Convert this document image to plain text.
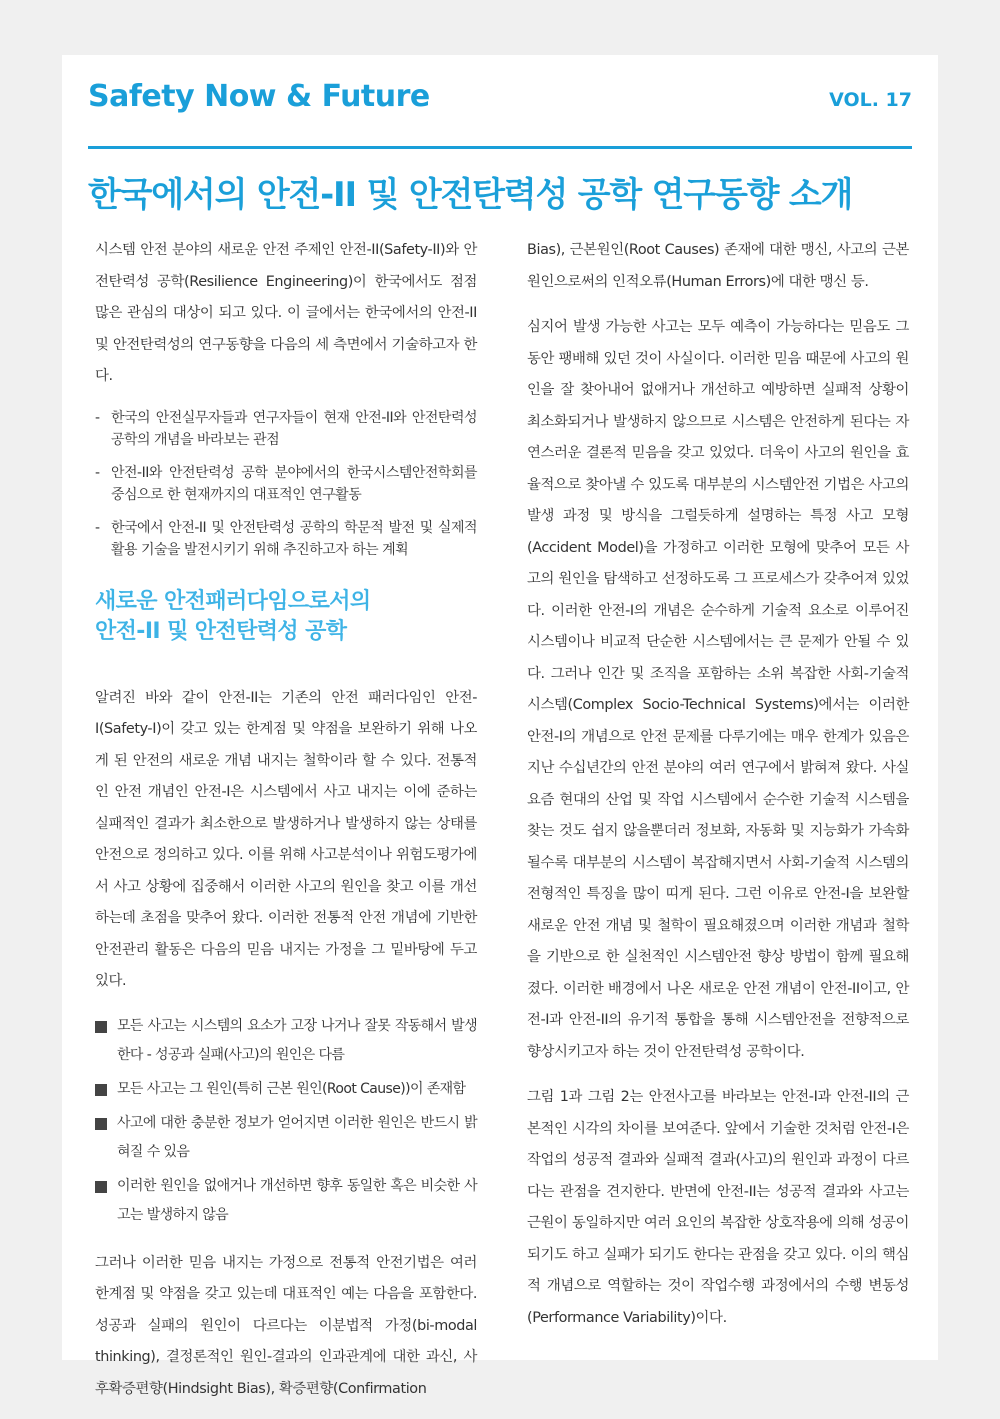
Safety Now & Future	VOL. 17
한국에서의 안전-II 및 안전탄력성 공학 연구동향 소개

시스템 안전 분야의 새로운 안전 주제인 안전-II(Safety-II)와 안전탄력성 공학(Resilience Engineering)이 한국에서도 점점 많은 관심의 대상이 되고 있다. 이 글에서는 한국에서의 안전-II 및 안전탄력성의 연구동향을 다음의 세 측면에서 기술하고자 한다.

- 한국의 안전실무자들과 연구자들이 현재 안전-II와 안전탄력성 공학의 개념을 바라보는 관점
- 안전-II와 안전탄력성 공학 분야에서의 한국시스템안전학회를 중심으로 한 현재까지의 대표적인 연구활동
- 한국에서 안전-II 및 안전탄력성 공학의 학문적 발전 및 실제적 활용 기술을 발전시키기 위해 추진하고자 하는 계획
새로운 안전패러다임으로서의
안전-II 및 안전탄력성 공학

알려진 바와 같이 안전-II는 기존의 안전 패러다임인 안전-I(Safety-I)이 갖고 있는 한계점 및 약점을 보완하기 위해 나오게 된 안전의 새로운 개념 내지는 철학이라 할 수 있다. 전통적인 안전 개념인 안전-I은 시스템에서 사고 내지는 이에 준하는 실패적인 결과가 최소한으로 발생하거나 발생하지 않는 상태를 안전으로 정의하고 있다. 이를 위해 사고분석이나 위험도평가에서 사고 상황에 집중해서 이러한 사고의 원인을 찾고 이를 개선하는데 초점을 맞추어 왔다. 이러한 전통적 안전 개념에 기반한 안전관리 활동은 다음의 믿음 내지는 가정을 그 밑바탕에 두고 있다.

모든 사고는 시스템의 요소가 고장 나거나 잘못 작동해서 발생한다 - 성공과 실패(사고)의 원인은 다름
모든 사고는 그 원인(특히 근본 원인(Root Cause))이 존재함
사고에 대한 충분한 정보가 얻어지면 이러한 원인은 반드시 밝혀질 수 있음
이러한 원인을 없애거나 개선하면 향후 동일한 혹은 비슷한 사고는 발생하지 않음

그러나 이러한 믿음 내지는 가정으로 전통적 안전기법은 여러 한계점 및 약점을 갖고 있는데 대표적인 예는 다음을 포함한다. 성공과 실패의 원인이 다르다는 이분법적 가정(bi-modal thinking), 결정론적인 원인-결과의 인과관계에 대한 과신, 사후확증편향(Hindsight Bias), 확증편향(Confirmation

Bias), 근본원인(Root Causes) 존재에 대한 맹신, 사고의 근본 원인으로써의 인적오류(Human Errors)에 대한 맹신 등.

심지어 발생 가능한 사고는 모두 예측이 가능하다는 믿음도 그동안 팽배해 있던 것이 사실이다. 이러한 믿음 때문에 사고의 원인을 잘 찾아내어 없애거나 개선하고 예방하면 실패적 상황이 최소화되거나 발생하지 않으므로 시스템은 안전하게 된다는 자연스러운 결론적 믿음을 갖고 있었다. 더욱이 사고의 원인을 효율적으로 찾아낼 수 있도록 대부분의 시스템안전 기법은 사고의 발생 과정 및 방식을 그럴듯하게 설명하는 특정 사고 모형(Accident Model)을 가정하고 이러한 모형에 맞추어 모든 사고의 원인을 탐색하고 선정하도록 그 프로세스가 갖추어져 있었다. 이러한 안전-I의 개념은 순수하게 기술적 요소로 이루어진 시스템이나 비교적 단순한 시스템에서는 큰 문제가 안될 수 있다. 그러나 인간 및 조직을 포함하는 소위 복잡한 사회-기술적 시스템(Complex Socio-Technical Systems)에서는 이러한 안전-I의 개념으로 안전 문제를 다루기에는 매우 한계가 있음은 지난 수십년간의 안전 분야의 여러 연구에서 밝혀져 왔다. 사실 요즘 현대의 산업 및 작업 시스템에서 순수한 기술적 시스템을 찾는 것도 쉽지 않을뿐더러 정보화, 자동화 및 지능화가 가속화될수록 대부분의 시스템이 복잡해지면서 사회-기술적 시스템의 전형적인 특징을 많이 띠게 된다. 그런 이유로 안전-I을 보완할 새로운 안전 개념 및 철학이 필요해졌으며 이러한 개념과 철학을 기반으로 한 실천적인 시스템안전 향상 방법이 함께 필요해졌다. 이러한 배경에서 나온 새로운 안전 개념이 안전-II이고, 안전-I과 안전-II의 유기적 통합을 통해 시스템안전을 전향적으로 향상시키고자 하는 것이 안전탄력성 공학이다.

그림 1과 그림 2는 안전사고를 바라보는 안전-I과 안전-II의 근본적인 시각의 차이를 보여준다. 앞에서 기술한 것처럼 안전-I은 작업의 성공적 결과와 실패적 결과(사고)의 원인과 과정이 다르다는 관점을 견지한다. 반면에 안전-II는 성공적 결과와 사고는 근원이 동일하지만 여러 요인의 복잡한 상호작용에 의해 성공이 되기도 하고 실패가 되기도 한다는 관점을 갖고 있다. 이의 핵심적 개념으로 역할하는 것이 작업수행 과정에서의 수행 변동성(Performance Variability)이다.
